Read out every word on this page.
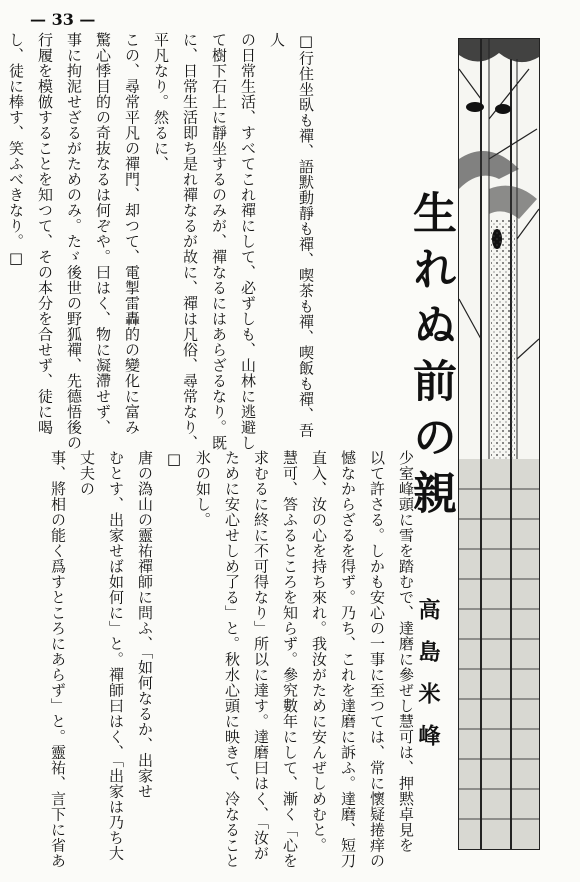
— 33 —
□行住坐臥も禪、語默動靜も禪、喫茶も禪、喫飯も禪、吾人
の日常生活、すべてこれ禪にして、必ずしも、山林に逃避し
て樹下石上に靜坐するのみが、禪なるにはあらざるなり。既
に、日常生活即ち是れ禪なるが故に、禪は凡俗、尋常なり、
平凡なり。然るに、
この、尋常平凡の禪門、却つて、電掣雷轟的の變化に富み
驚心悸目的の奇抜なるは何ぞや。曰はく、物に凝滯せず、
事に拘泥せざるがためのみ。たゞ後世の野狐禪、先德悟後の
行履を模倣することを知つて、その本分を合せず、徒に喝
し、徒に棒す、笑ふべきなり。□
少室峰頭に雪を踏むで、達磨に參ぜし慧可は、押黙卓見を
以て許さる。しかも安心の一事に至つては、常に懷疑捲痒の
憾なからざるを得ず。乃ち、これを達磨に訴ふ。達磨、短刀
直入、汝の心を持ち來れ。我汝がために安んぜしめむと。
慧可、答ふるところを知らず。參究數年にして、漸く「心を
求むるに終に不可得なり」所以に達す。達磨曰はく、「汝が
ために安心せしめ了る」と。秋水心頭に映きて、冷なること
氷の如し。
□
唐の溈山の靈祐禪師に問ふ、「如何なるか、出家せ
むとす、出家せば如何に」と。禪師曰はく、「出家は乃ち大丈夫の
事、將相の能く爲すところにあらず」と。靈祐、言下に省あ
生れぬ前の親
高島米峰
